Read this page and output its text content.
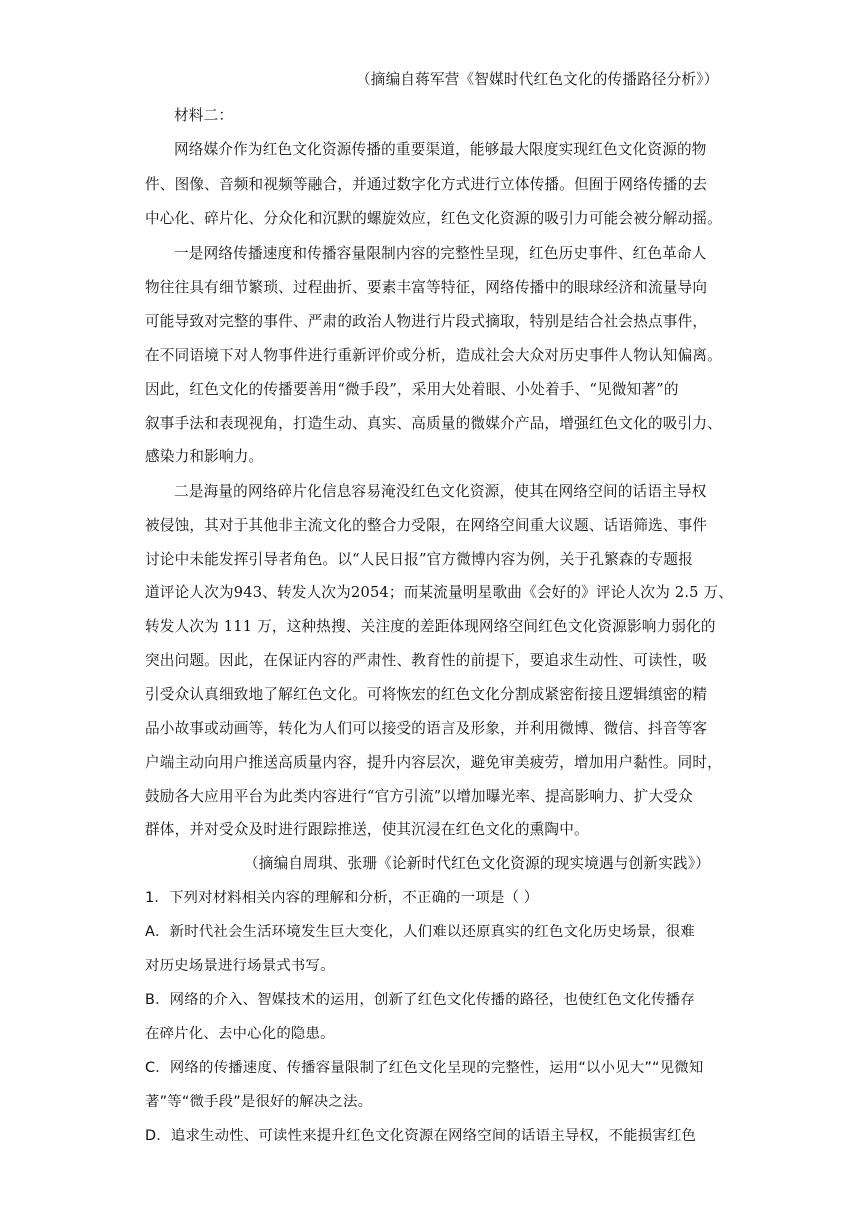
（摘编自蒋军营《智媒时代红色文化的传播路径分析》）
材料二：
网络媒介作为红色文化资源传播的重要渠道，能够最大限度实现红色文化资源的物
件、图像、音频和视频等融合，并通过数字化方式进行立体传播。但囿于网络传播的去
中心化、碎片化、分众化和沉默的螺旋效应，红色文化资源的吸引力可能会被分解动摇。
一是网络传播速度和传播容量限制内容的完整性呈现，红色历史事件、红色革命人
物往往具有细节繁琐、过程曲折、要素丰富等特征，网络传播中的眼球经济和流量导向
可能导致对完整的事件、严肃的政治人物进行片段式摘取，特别是结合社会热点事件，
在不同语境下对人物事件进行重新评价或分析，造成社会大众对历史事件人物认知偏离。
因此，红色文化的传播要善用“微手段”，采用大处着眼、小处着手、“见微知著”的
叙事手法和表现视角，打造生动、真实、高质量的微媒介产品，增强红色文化的吸引力、
感染力和影响力。
二是海量的网络碎片化信息容易淹没红色文化资源，使其在网络空间的话语主导权
被侵蚀，其对于其他非主流文化的整合力受限，在网络空间重大议题、话语筛选、事件
讨论中未能发挥引导者角色。以“人民日报”官方微博内容为例，关于孔繁森的专题报
道评论人次为943、转发人次为2054；而某流量明星歌曲《会好的》评论人次为 2.5 万、
转发人次为 111 万，这种热搜、关注度的差距体现网络空间红色文化资源影响力弱化的
突出问题。因此，在保证内容的严肃性、教育性的前提下，要追求生动性、可读性，吸
引受众认真细致地了解红色文化。可将恢宏的红色文化分割成紧密衔接且逻辑缜密的精
品小故事或动画等，转化为人们可以接受的语言及形象，并利用微博、微信、抖音等客
户端主动向用户推送高质量内容，提升内容层次，避免审美疲劳，增加用户黏性。同时，
鼓励各大应用平台为此类内容进行“官方引流”以增加曝光率、提高影响力、扩大受众
群体，并对受众及时进行跟踪推送，使其沉浸在红色文化的熏陶中。
（摘编自周琪、张珊《论新时代红色文化资源的现实境遇与创新实践》）
1．下列对材料相关内容的理解和分析，不正确的一项是（ ）
A．新时代社会生活环境发生巨大变化，人们难以还原真实的红色文化历史场景，很难
对历史场景进行场景式书写。
B．网络的介入、智媒技术的运用，创新了红色文化传播的路径，也使红色文化传播存
在碎片化、去中心化的隐患。
C．网络的传播速度、传播容量限制了红色文化呈现的完整性，运用“以小见大”“见微知
著”等“微手段”是很好的解决之法。
D．追求生动性、可读性来提升红色文化资源在网络空间的话语主导权，不能损害红色
